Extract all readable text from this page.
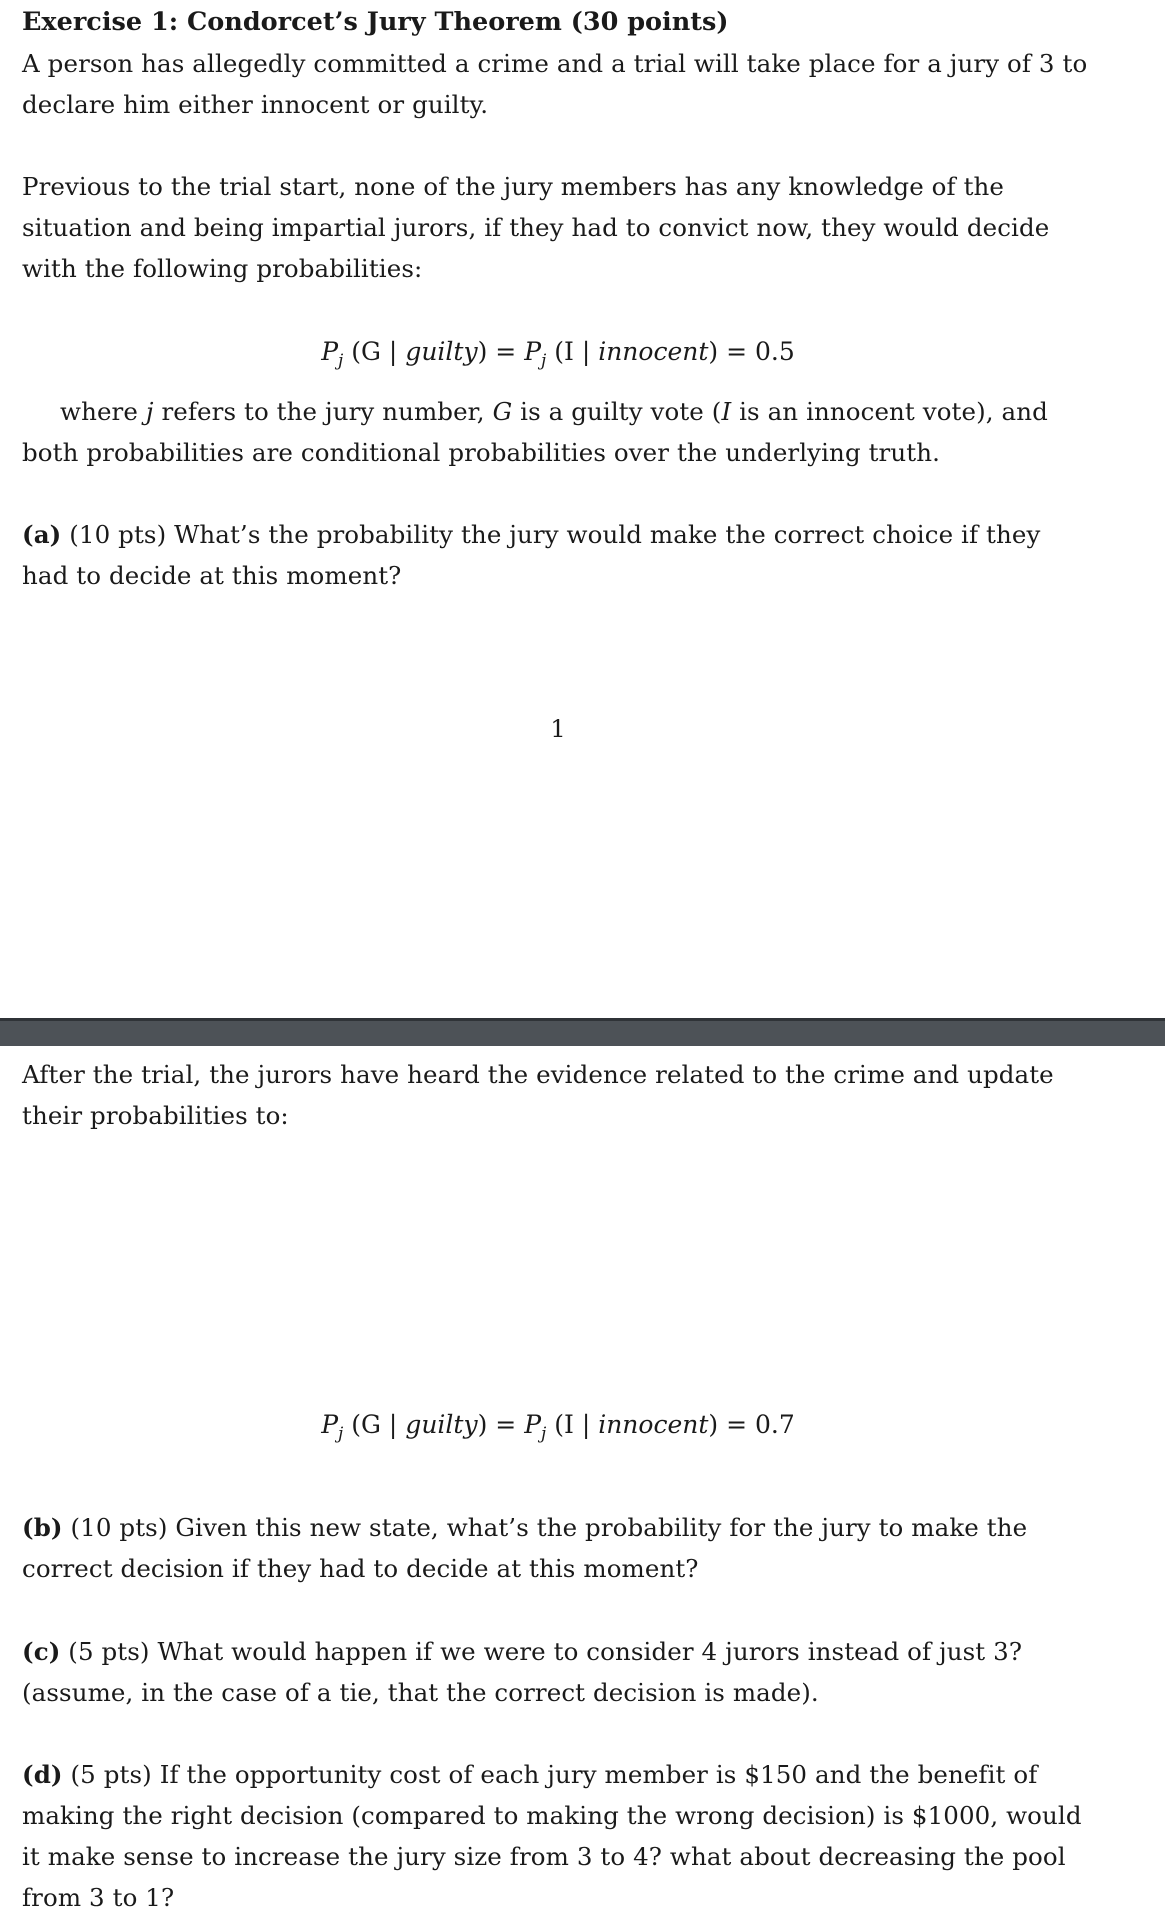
Exercise 1: Condorcet’s Jury Theorem (30 points)
A person has allegedly committed a crime and a trial will take place for a jury of 3 to declare him either innocent or guilty.
Previous to the trial start, none of the jury members has any knowledge of the situation and being impartial jurors, if they had to convict now, they would decide with the following probabilities:
$P_j$ (G | guilty) = $P_j$ (I | innocent) = 0.5
where j refers to the jury number, G is a guilty vote (I is an innocent vote), and both probabilities are conditional probabilities over the underlying truth.
(a) (10 pts) What’s the probability the jury would make the correct choice if they had to decide at this moment?
1
After the trial, the jurors have heard the evidence related to the crime and update their probabilities to:
$P_j$ (G | guilty) = $P_j$ (I | innocent) = 0.7
(b) (10 pts) Given this new state, what’s the probability for the jury to make the correct decision if they had to decide at this moment?
(c) (5 pts) What would happen if we were to consider 4 jurors instead of just 3? (assume, in the case of a tie, that the correct decision is made).
(d) (5 pts) If the opportunity cost of each jury member is $150 and the benefit of making the right decision (compared to making the wrong decision) is $1000, would it make sense to increase the jury size from 3 to 4? what about decreasing the pool from 3 to 1?
